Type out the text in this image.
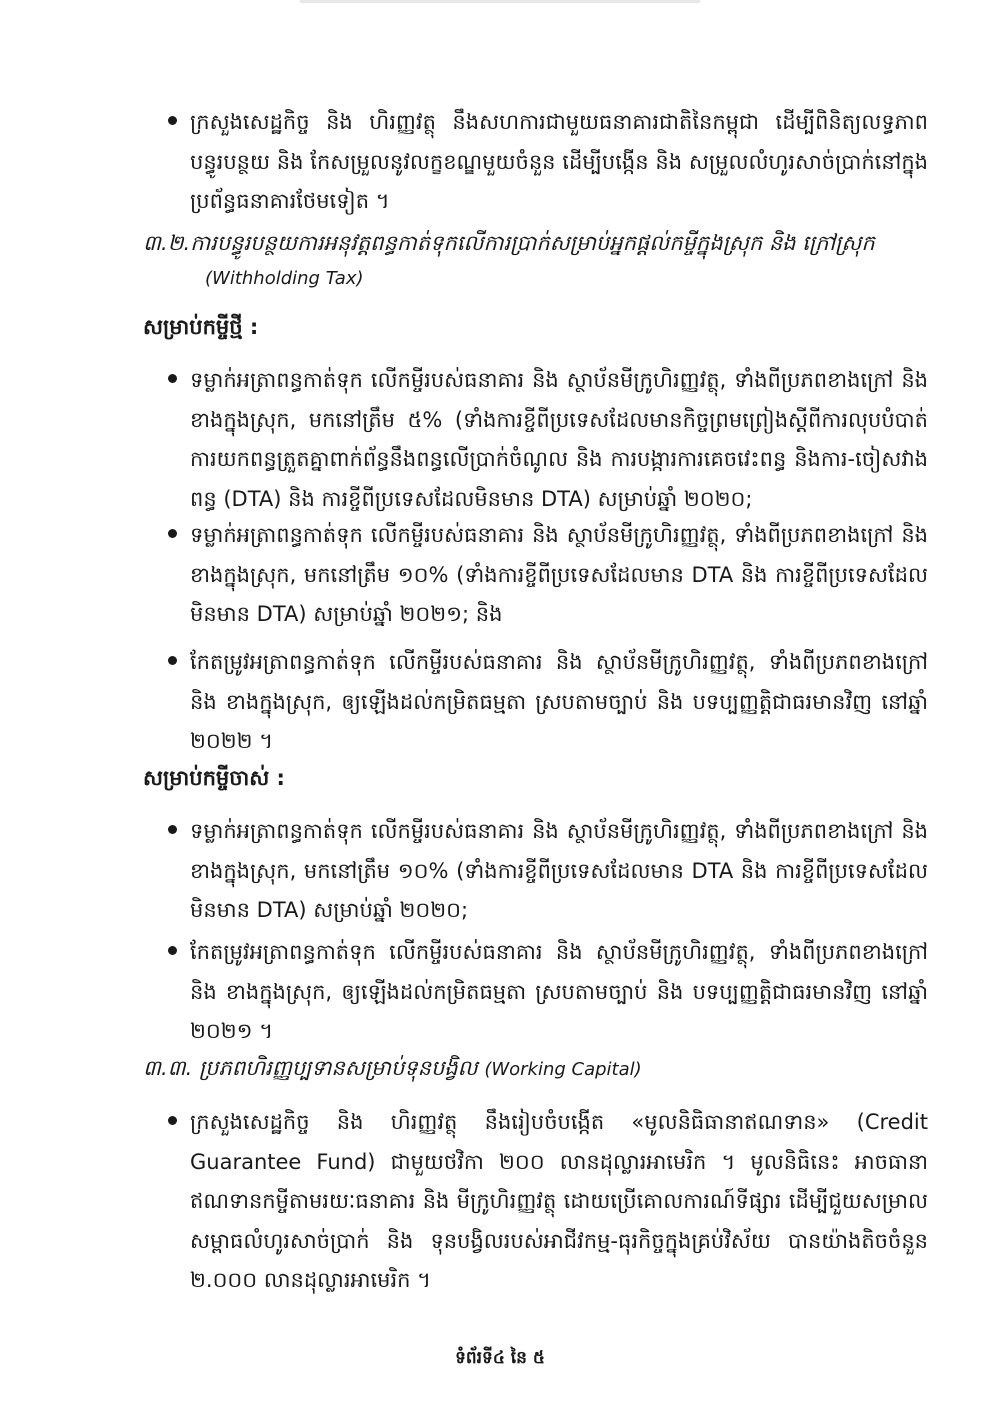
ក្រសួងសេដ្ឋកិច្ច និង ហិរញ្ញវត្ថុ នឹងសហការជាមួយធនាគារជាតិនៃកម្ពុជា ដើម្បីពិនិត្យលទ្ធភាព បន្ធូរបន្ថយ និង កែសម្រួលនូវលក្ខខណ្ឌមួយចំនួន ដើម្បីបង្កើន និង សម្រួលលំហូរសាច់ប្រាក់នៅក្នុងប្រព័ន្ធធនាគារថែមទៀត ។

៣.២.ការបន្ធូរបន្ថយការអនុវត្តពន្ធកាត់ទុកលើការប្រាក់សម្រាប់អ្នកផ្តល់កម្ចីក្នុងស្រុក និង ក្រៅស្រុក

(Withholding Tax)

សម្រាប់កម្ចីថ្មី :

ទម្លាក់អត្រាពន្ធកាត់ទុក លើកម្ចីរបស់ធនាគារ និង ស្ថាប័នមីក្រូហិរញ្ញវត្ថុ, ទាំងពីប្រភពខាងក្រៅ និង ខាងក្នុងស្រុក, មកនៅត្រឹម ៥% (ទាំងការខ្ចីពីប្រទេសដែលមានកិច្ចព្រមព្រៀងស្តីពីការលុបបំបាត់ការយកពន្ធត្រួតគ្នាពាក់ព័ន្ធនឹងពន្ធលើប្រាក់ចំណូល និង ការបង្ការការគេចវេះពន្ធ និងការ-ចៀសវាងពន្ធ (DTA) និង ការខ្ចីពីប្រទេសដែលមិនមាន DTA) សម្រាប់ឆ្នាំ ២០២០;

ទម្លាក់អត្រាពន្ធកាត់ទុក លើកម្ចីរបស់ធនាគារ និង ស្ថាប័នមីក្រូហិរញ្ញវត្ថុ, ទាំងពីប្រភពខាងក្រៅ និងខាងក្នុងស្រុក, មកនៅត្រឹម ១០% (ទាំងការខ្ចីពីប្រទេសដែលមាន DTA និង ការខ្ចីពីប្រទេសដែលមិនមាន DTA) សម្រាប់ឆ្នាំ ២០២១; និង

កែតម្រូវអត្រាពន្ធកាត់ទុក លើកម្ចីរបស់ធនាគារ និង ស្ថាប័នមីក្រូហិរញ្ញវត្ថុ, ទាំងពីប្រភពខាងក្រៅ និង ខាងក្នុងស្រុក, ឲ្យឡើងដល់កម្រិតធម្មតា ស្របតាមច្បាប់ និង បទប្បញ្ញត្តិជាធរមានវិញ នៅឆ្នាំ ២០២២ ។

សម្រាប់កម្ចីចាស់ :

ទម្លាក់អត្រាពន្ធកាត់ទុក លើកម្ចីរបស់ធនាគារ និង ស្ថាប័នមីក្រូហិរញ្ញវត្ថុ, ទាំងពីប្រភពខាងក្រៅ និង ខាងក្នុងស្រុក, មកនៅត្រឹម ១០% (ទាំងការខ្ចីពីប្រទេសដែលមាន DTA និង ការខ្ចីពីប្រទេសដែលមិនមាន DTA) សម្រាប់ឆ្នាំ ២០២០;

កែតម្រូវអត្រាពន្ធកាត់ទុក លើកម្ចីរបស់ធនាគារ និង ស្ថាប័នមីក្រូហិរញ្ញវត្ថុ, ទាំងពីប្រភពខាងក្រៅ និង ខាងក្នុងស្រុក, ឲ្យឡើងដល់កម្រិតធម្មតា ស្របតាមច្បាប់ និង បទប្បញ្ញត្តិជាធរមានវិញ នៅឆ្នាំ ២០២១ ។

៣.៣. ប្រភពហិរញ្ញប្បទានសម្រាប់ទុនបង្វិល (Working Capital)

ក្រសួងសេដ្ឋកិច្ច និង ហិរញ្ញវត្ថុ នឹងរៀបចំបង្កើត «មូលនិធិធានាឥណទាន» (Credit Guarantee Fund) ជាមួយថវិកា ២០០ លានដុល្លារអាមេរិក ។ មូលនិធិនេះ អាចធានាឥណទានកម្ចីតាមរយៈធនាគារ និង មីក្រូហិរញ្ញវត្ថុ ដោយប្រើគោលការណ៍ទីផ្សារ ដើម្បីជួយសម្រាលសម្ពាធលំហូរសាច់ប្រាក់ និង ទុនបង្វិលរបស់អាជីវកម្ម-ធុរកិច្ចក្នុងគ្រប់វិស័យ បានយ៉ាងតិចចំនួន ២.០០០ លានដុល្លារអាមេរិក ។

ទំព័រទី៤ នៃ ៥
